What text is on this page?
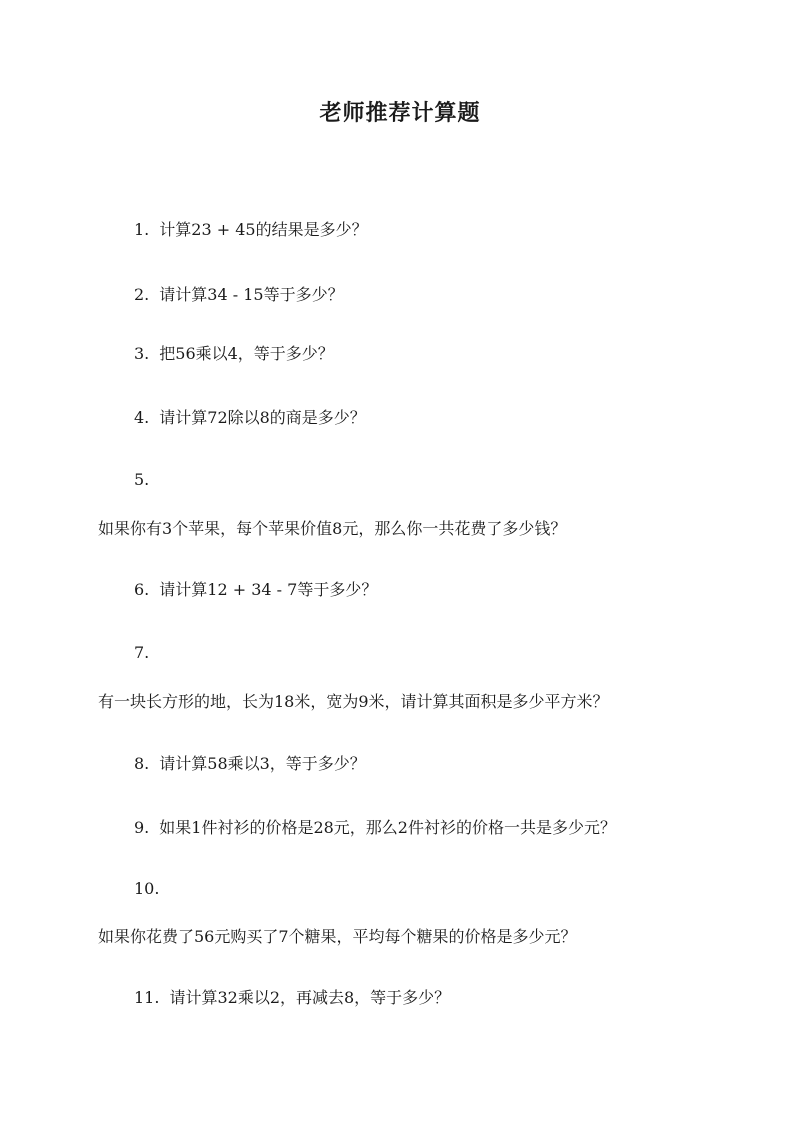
老师推荐计算题
1. 计算23 + 45的结果是多少？
2. 请计算34 - 15等于多少？
3. 把56乘以4，等于多少？
4. 请计算72除以8的商是多少？
5.
如果你有3个苹果，每个苹果价值8元，那么你一共花费了多少钱？
6. 请计算12 + 34 - 7等于多少？
7.
有一块长方形的地，长为18米，宽为9米，请计算其面积是多少平方米？
8. 请计算58乘以3，等于多少？
9. 如果1件衬衫的价格是28元，那么2件衬衫的价格一共是多少元？
10.
如果你花费了56元购买了7个糖果，平均每个糖果的价格是多少元？
11. 请计算32乘以2，再减去8，等于多少？
